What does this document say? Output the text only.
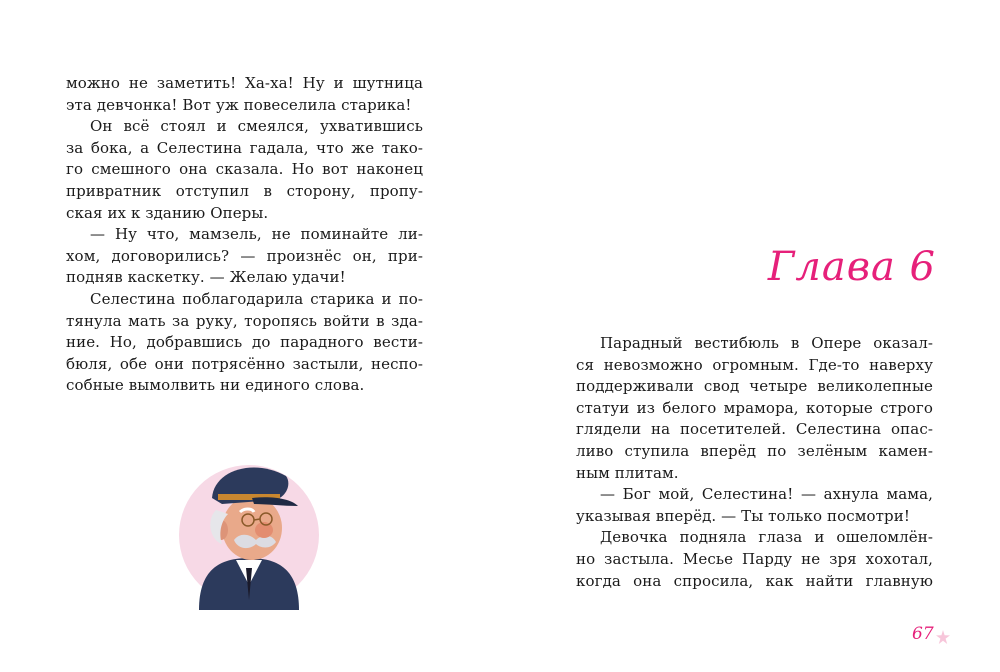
можно не заметить! Ха-ха! Ну и шутница
эта девчонка! Вот уж повеселила старика!

Он всё стоял и смеялся, ухватившись
за бока, а Селестина гадала, что же тако-
го смешного она сказала. Но вот наконец
привратник отступил в сторону, пропу-
ская их к зданию Оперы.

— Ну что, мамзель, не поминайте ли-
хом, договорились? — произнёс он, при-
подняв каскетку. — Желаю удачи!

Селестина поблагодарила старика и по-
тянула мать за руку, торопясь войти в зда-
ние. Но, добравшись до парадного вести-
бюля, обе они потрясённо застыли, неспо-
собные вымолвить ни единого слова.

Глава 6

Парадный вестибюль в Опере оказал-
ся невозможно огромным. Где-то наверху
поддерживали свод четыре великолепные
статуи из белого мрамора, которые строго
глядели на посетителей. Селестина опас-
ливо ступила вперёд по зелёным камен-
ным плитам.

— Бог мой, Селестина! — ахнула мама,
указывая вперёд. — Ты только посмотри!

Девочка подняла глаза и ошеломлён-
но застыла. Месье Парду не зря хохотал,
когда она спросила, как найти главную

67
